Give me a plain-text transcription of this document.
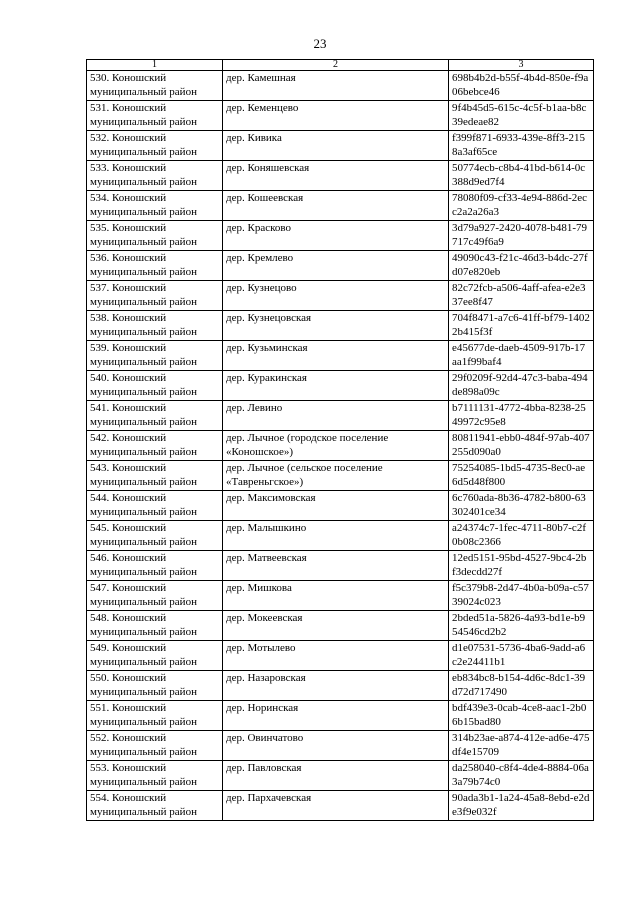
23
1	2	3
530. Коношский муниципальный район	дер. Камешная	698b4b2d-b55f-4b4d-850e-f9a06bebce46
531. Коношский муниципальный район	дер. Кеменцево	9f4b45d5-615c-4c5f-b1aa-b8c39edeae82
532. Коношский муниципальный район	дер. Кивика	f399f871-6933-439e-8ff3-2158a3af65ce
533. Коношский муниципальный район	дер. Коняшевская	50774ecb-c8b4-41bd-b614-0c388d9ed7f4
534. Коношский муниципальный район	дер. Кошеевская	78080f09-cf33-4e94-886d-2ecc2a2a26a3
535. Коношский муниципальный район	дер. Красково	3d79a927-2420-4078-b481-79717c49f6a9
536. Коношский муниципальный район	дер. Кремлево	49090c43-f21c-46d3-b4dc-27fd07e820eb
537. Коношский муниципальный район	дер. Кузнецово	82c72fcb-a506-4aff-afea-e2e337ee8f47
538. Коношский муниципальный район	дер. Кузнецовская	704f8471-a7c6-41ff-bf79-14022b415f3f
539. Коношский муниципальный район	дер. Кузьминская	e45677de-daeb-4509-917b-17aa1f99baf4
540. Коношский муниципальный район	дер. Куракинская	29f0209f-92d4-47c3-baba-494de898a09c
541. Коношский муниципальный район	дер. Левино	b7111131-4772-4bba-8238-2549972c95e8
542. Коношский муниципальный район	дер. Лычное (городское поселение «Коношское»)	80811941-ebb0-484f-97ab-407255d090a0
543. Коношский муниципальный район	дер. Лычное (сельское поселение «Тавреньгское»)	75254085-1bd5-4735-8ec0-ae6d5d48f800
544. Коношский муниципальный район	дер. Максимовская	6c760ada-8b36-4782-b800-63302401ce34
545. Коношский муниципальный район	дер. Малышкино	a24374c7-1fec-4711-80b7-c2f0b08c2366
546. Коношский муниципальный район	дер. Матвеевская	12ed5151-95bd-4527-9bc4-2bf3decdd27f
547. Коношский муниципальный район	дер. Мишкова	f5c379b8-2d47-4b0a-b09a-c5739024c023
548. Коношский муниципальный район	дер. Мокеевская	2bded51a-5826-4a93-bd1e-b954546cd2b2
549. Коношский муниципальный район	дер. Мотылево	d1e07531-5736-4ba6-9add-a6c2e24411b1
550. Коношский муниципальный район	дер. Назаровская	eb834bc8-b154-4d6c-8dc1-39d72d717490
551. Коношский муниципальный район	дер. Норинская	bdf439e3-0cab-4ce8-aac1-2b06b15bad80
552. Коношский муниципальный район	дер. Овинчатово	314b23ae-a874-412e-ad6e-475df4e15709
553. Коношский муниципальный район	дер. Павловская	da258040-c8f4-4de4-8884-06a3a79b74c0
554. Коношский муниципальный район	дер. Пархачевская	90ada3b1-1a24-45a8-8ebd-e2de3f9e032f
